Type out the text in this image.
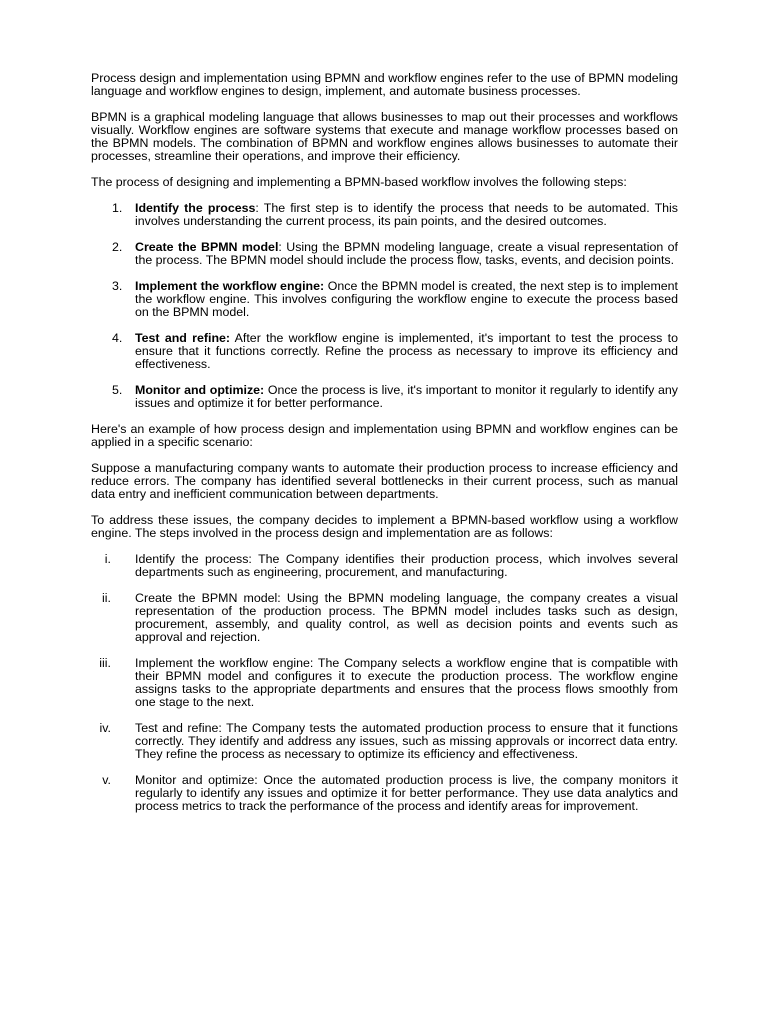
Process design and implementation using BPMN and workflow engines refer to the use of BPMN modeling language and workflow engines to design, implement, and automate business processes.

BPMN is a graphical modeling language that allows businesses to map out their processes and workflows visually. Workflow engines are software systems that execute and manage workflow processes based on the BPMN models. The combination of BPMN and workflow engines allows businesses to automate their processes, streamline their operations, and improve their efficiency.

The process of designing and implementing a BPMN-based workflow involves the following steps:

1. Identify the process: The first step is to identify the process that needs to be automated. This involves understanding the current process, its pain points, and the desired outcomes.
2. Create the BPMN model: Using the BPMN modeling language, create a visual representation of the process. The BPMN model should include the process flow, tasks, events, and decision points.
3. Implement the workflow engine: Once the BPMN model is created, the next step is to implement the workflow engine. This involves configuring the workflow engine to execute the process based on the BPMN model.
4. Test and refine: After the workflow engine is implemented, it's important to test the process to ensure that it functions correctly. Refine the process as necessary to improve its efficiency and effectiveness.
5. Monitor and optimize: Once the process is live, it's important to monitor it regularly to identify any issues and optimize it for better performance.

Here's an example of how process design and implementation using BPMN and workflow engines can be applied in a specific scenario:

Suppose a manufacturing company wants to automate their production process to increase efficiency and reduce errors. The company has identified several bottlenecks in their current process, such as manual data entry and inefficient communication between departments.

To address these issues, the company decides to implement a BPMN-based workflow using a workflow engine. The steps involved in the process design and implementation are as follows:

i. Identify the process: The Company identifies their production process, which involves several departments such as engineering, procurement, and manufacturing.
ii. Create the BPMN model: Using the BPMN modeling language, the company creates a visual representation of the production process. The BPMN model includes tasks such as design, procurement, assembly, and quality control, as well as decision points and events such as approval and rejection.
iii. Implement the workflow engine: The Company selects a workflow engine that is compatible with their BPMN model and configures it to execute the production process. The workflow engine assigns tasks to the appropriate departments and ensures that the process flows smoothly from one stage to the next.
iv. Test and refine: The Company tests the automated production process to ensure that it functions correctly. They identify and address any issues, such as missing approvals or incorrect data entry. They refine the process as necessary to optimize its efficiency and effectiveness.
v. Monitor and optimize: Once the automated production process is live, the company monitors it regularly to identify any issues and optimize it for better performance. They use data analytics and process metrics to track the performance of the process and identify areas for improvement.
